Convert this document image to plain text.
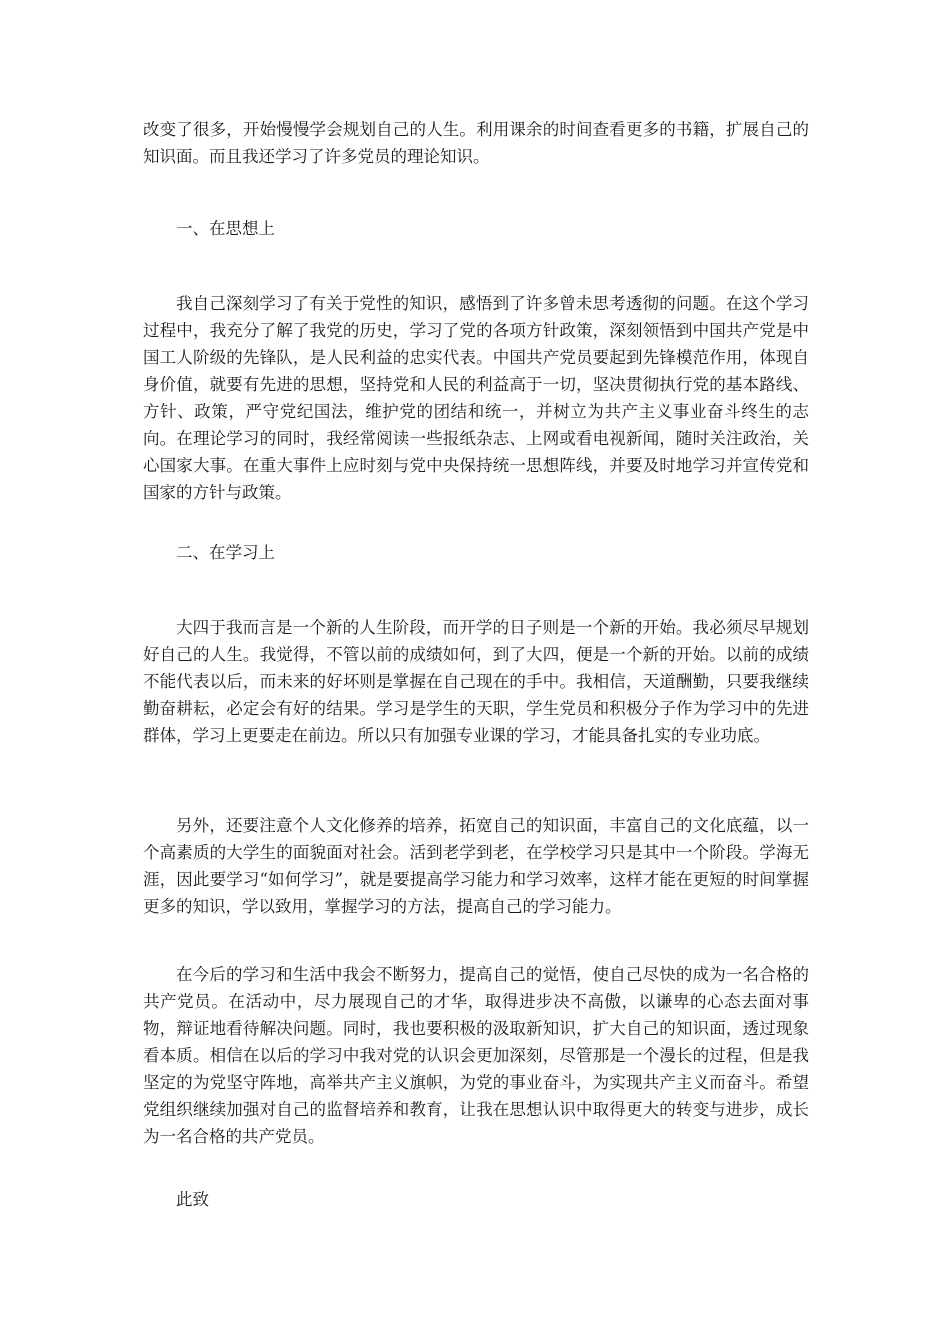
改变了很多，开始慢慢学会规划自己的人生。利用课余的时间查看更多的书籍，扩展自己的知识面。而且我还学习了许多党员的理论知识。

一、在思想上

我自己深刻学习了有关于党性的知识，感悟到了许多曾未思考透彻的问题。在这个学习过程中，我充分了解了我党的历史，学习了党的各项方针政策，深刻领悟到中国共产党是中国工人阶级的先锋队，是人民利益的忠实代表。中国共产党员要起到先锋模范作用，体现自身价值，就要有先进的思想，坚持党和人民的利益高于一切，坚决贯彻执行党的基本路线、方针、政策，严守党纪国法，维护党的团结和统一，并树立为共产主义事业奋斗终生的志向。在理论学习的同时，我经常阅读一些报纸杂志、上网或看电视新闻，随时关注政治，关心国家大事。在重大事件上应时刻与党中央保持统一思想阵线，并要及时地学习并宣传党和国家的方针与政策。

二、在学习上

大四于我而言是一个新的人生阶段，而开学的日子则是一个新的开始。我必须尽早规划好自己的人生。我觉得，不管以前的成绩如何，到了大四，便是一个新的开始。以前的成绩不能代表以后，而未来的好坏则是掌握在自己现在的手中。我相信，天道酬勤，只要我继续勤奋耕耘，必定会有好的结果。学习是学生的天职，学生党员和积极分子作为学习中的先进群体，学习上更要走在前边。所以只有加强专业课的学习，才能具备扎实的专业功底。

另外，还要注意个人文化修养的培养，拓宽自己的知识面，丰富自己的文化底蕴，以一个高素质的大学生的面貌面对社会。活到老学到老，在学校学习只是其中一个阶段。学海无涯，因此要学习“如何学习”，就是要提高学习能力和学习效率，这样才能在更短的时间掌握更多的知识，学以致用，掌握学习的方法，提高自己的学习能力。

在今后的学习和生活中我会不断努力，提高自己的觉悟，使自己尽快的成为一名合格的共产党员。在活动中，尽力展现自己的才华，取得进步决不高傲，以谦卑的心态去面对事物，辩证地看待解决问题。同时，我也要积极的汲取新知识，扩大自己的知识面，透过现象看本质。相信在以后的学习中我对党的认识会更加深刻，尽管那是一个漫长的过程，但是我坚定的为党坚守阵地，高举共产主义旗帜，为党的事业奋斗，为实现共产主义而奋斗。希望党组织继续加强对自己的监督培养和教育，让我在思想认识中取得更大的转变与进步，成长为一名合格的共产党员。

此致
